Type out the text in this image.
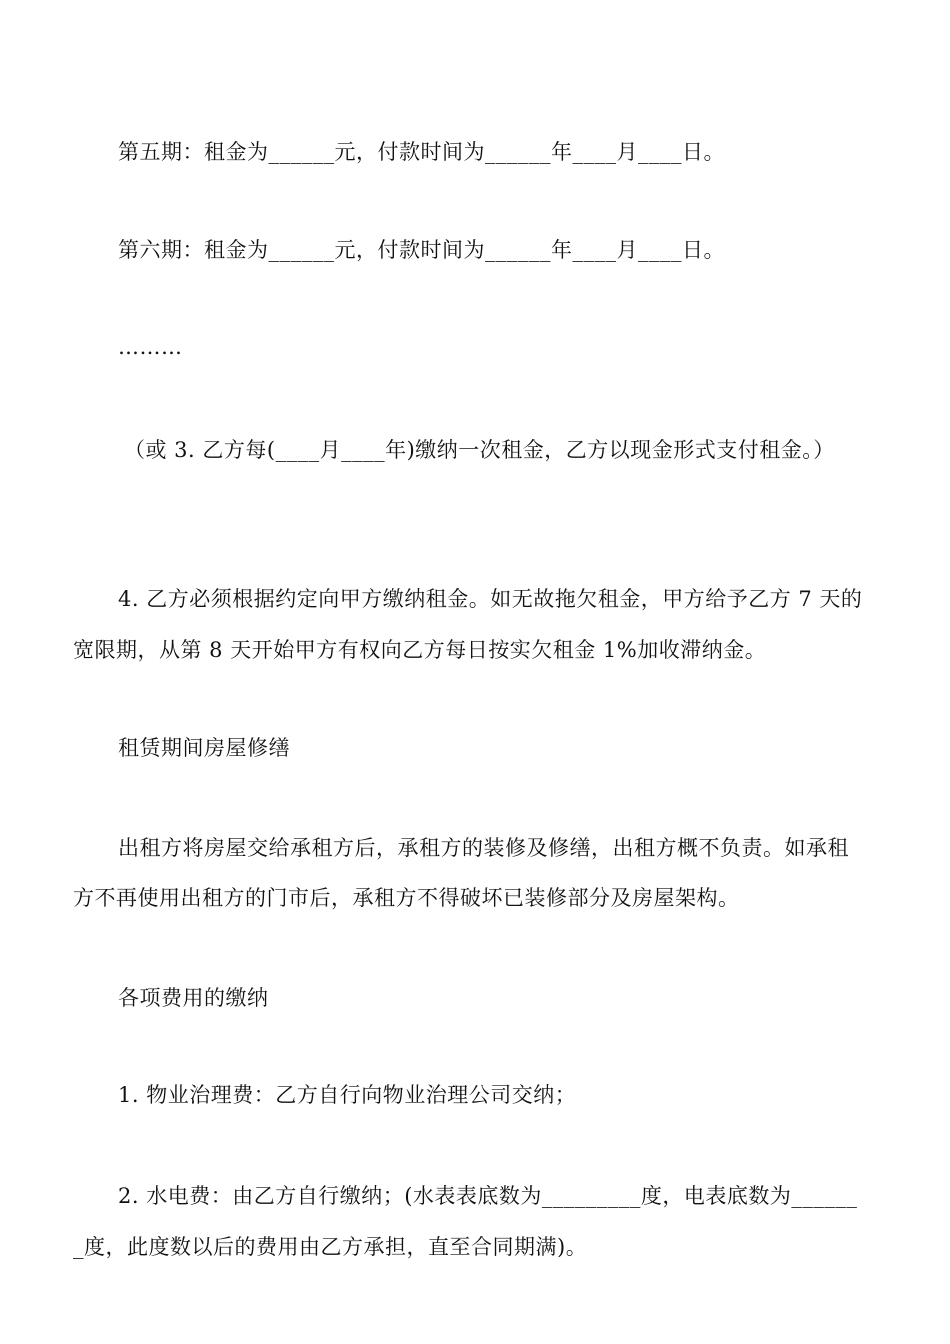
第五期：租金为______元，付款时间为______年____月____日。
第六期：租金为______元，付款时间为______年____月____日。
………
（或 3. 乙方每(____月____年)缴纳一次租金，乙方以现金形式支付租金。）
4. 乙方必须根据约定向甲方缴纳租金。如无故拖欠租金，甲方给予乙方 7 天的
宽限期，从第 8 天开始甲方有权向乙方每日按实欠租金 1%加收滞纳金。
租赁期间房屋修缮
出租方将房屋交给承租方后，承租方的装修及修缮，出租方概不负责。如承租
方不再使用出租方的门市后，承租方不得破坏已装修部分及房屋架构。
各项费用的缴纳
1. 物业治理费：乙方自行向物业治理公司交纳；
2. 水电费：由乙方自行缴纳；(水表表底数为_________度，电表底数为______
_度，此度数以后的费用由乙方承担，直至合同期满)。
